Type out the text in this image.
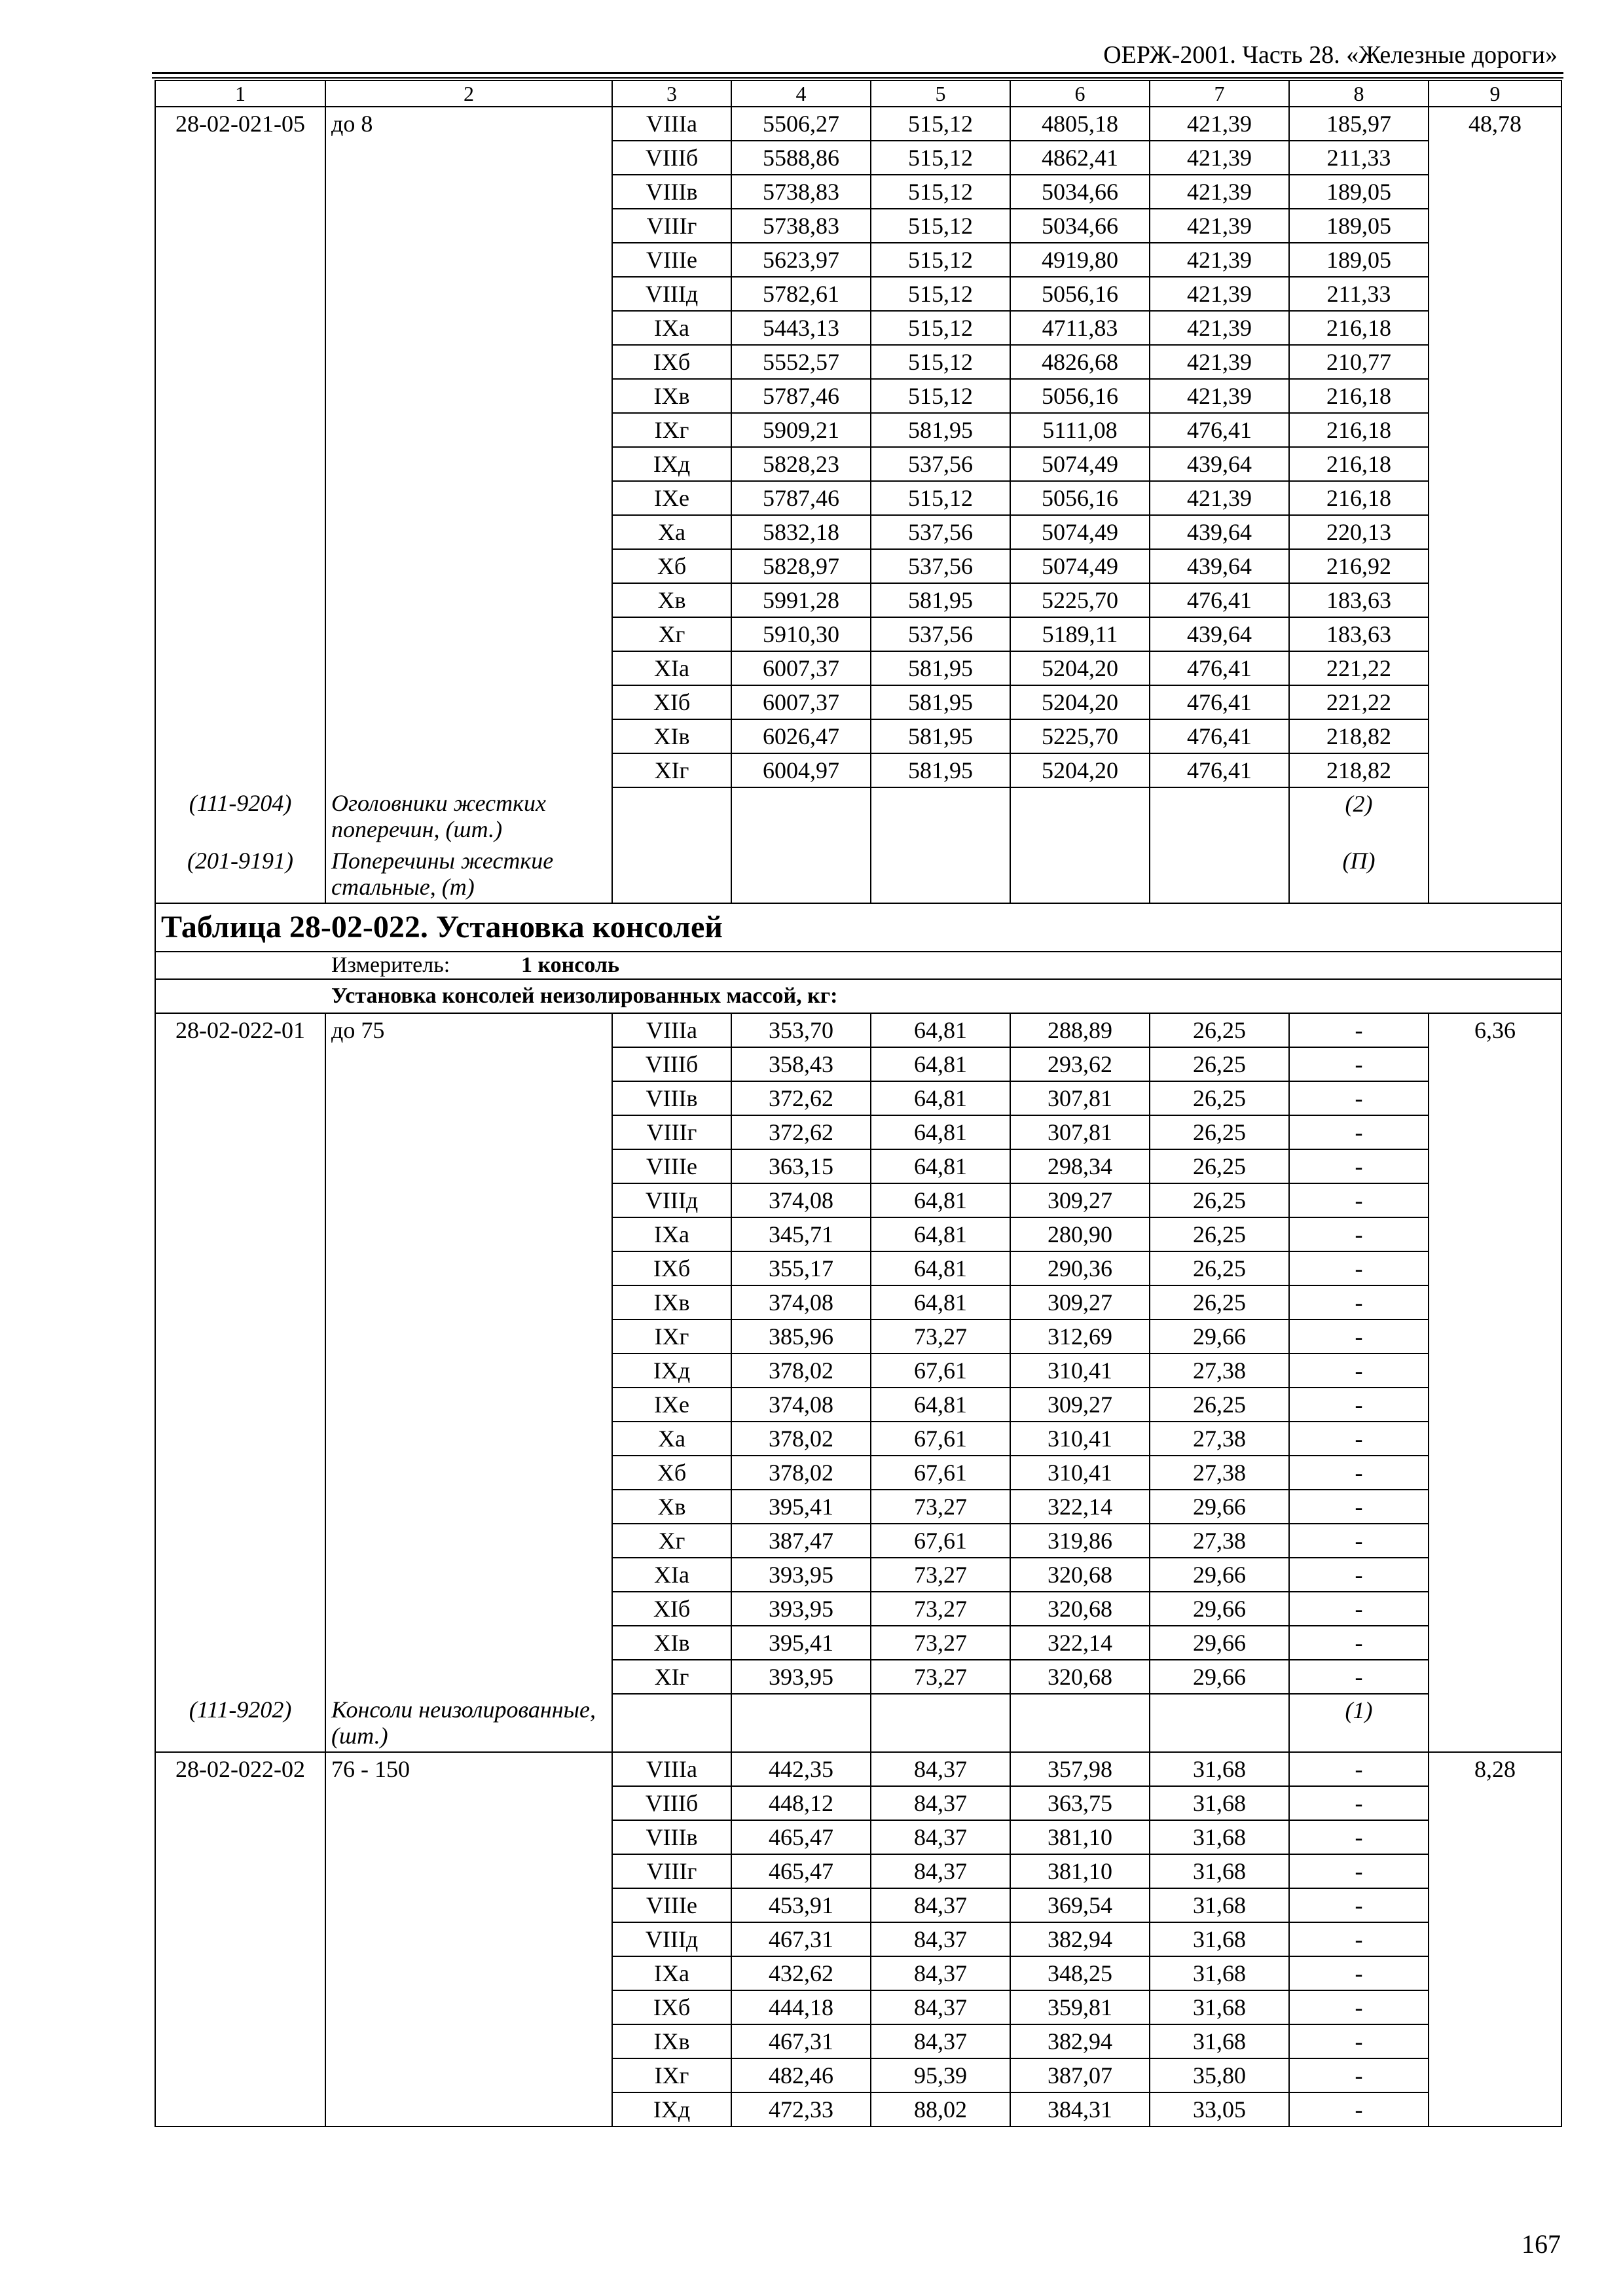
ОЕРЖ-2001. Часть 28. «Железные дороги»
1	2	3	4	5	6	7	8	9
28-02-021-05	до 8	VIIIа	5506,27	515,12	4805,18	421,39	185,97	48,78
		VIIIб	5588,86	515,12	4862,41	421,39	211,33	
		VIIIв	5738,83	515,12	5034,66	421,39	189,05	
		VIIIг	5738,83	515,12	5034,66	421,39	189,05	
		VIIIе	5623,97	515,12	4919,80	421,39	189,05	
		VIIIд	5782,61	515,12	5056,16	421,39	211,33	
		IXа	5443,13	515,12	4711,83	421,39	216,18	
		IXб	5552,57	515,12	4826,68	421,39	210,77	
		IXв	5787,46	515,12	5056,16	421,39	216,18	
		IXг	5909,21	581,95	5111,08	476,41	216,18	
		IXд	5828,23	537,56	5074,49	439,64	216,18	
		IXе	5787,46	515,12	5056,16	421,39	216,18	
		Xа	5832,18	537,56	5074,49	439,64	220,13	
		Xб	5828,97	537,56	5074,49	439,64	216,92	
		Xв	5991,28	581,95	5225,70	476,41	183,63	
		Xг	5910,30	537,56	5189,11	439,64	183,63	
		XIа	6007,37	581,95	5204,20	476,41	221,22	
		XIб	6007,37	581,95	5204,20	476,41	221,22	
		XIв	6026,47	581,95	5225,70	476,41	218,82	
		XIг	6004,97	581,95	5204,20	476,41	218,82	
(111-9204)	Оголовники жестких поперечин, (шт.)						(2)	
(201-9191)	Поперечины жесткие стальные, (т)						(П)	
Таблица 28-02-022. Установка консолей								
Измеритель: 1 консоль								
Установка консолей неизолированных массой, кг:								
28-02-022-01	до 75	VIIIа	353,70	64,81	288,89	26,25	-	6,36
		VIIIб	358,43	64,81	293,62	26,25	-	
		VIIIв	372,62	64,81	307,81	26,25	-	
		VIIIг	372,62	64,81	307,81	26,25	-	
		VIIIе	363,15	64,81	298,34	26,25	-	
		VIIIд	374,08	64,81	309,27	26,25	-	
		IXа	345,71	64,81	280,90	26,25	-	
		IXб	355,17	64,81	290,36	26,25	-	
		IXв	374,08	64,81	309,27	26,25	-	
		IXг	385,96	73,27	312,69	29,66	-	
		IXд	378,02	67,61	310,41	27,38	-	
		IXе	374,08	64,81	309,27	26,25	-	
		Xа	378,02	67,61	310,41	27,38	-	
		Xб	378,02	67,61	310,41	27,38	-	
		Xв	395,41	73,27	322,14	29,66	-	
		Xг	387,47	67,61	319,86	27,38	-	
		XIа	393,95	73,27	320,68	29,66	-	
		XIб	393,95	73,27	320,68	29,66	-	
		XIв	395,41	73,27	322,14	29,66	-	
		XIг	393,95	73,27	320,68	29,66	-	
(111-9202)	Консоли неизолированные, (шт.)						(1)	
28-02-022-02	76 - 150	VIIIа	442,35	84,37	357,98	31,68	-	8,28
		VIIIб	448,12	84,37	363,75	31,68	-	
		VIIIв	465,47	84,37	381,10	31,68	-	
		VIIIг	465,47	84,37	381,10	31,68	-	
		VIIIе	453,91	84,37	369,54	31,68	-	
		VIIIд	467,31	84,37	382,94	31,68	-	
		IXа	432,62	84,37	348,25	31,68	-	
		IXб	444,18	84,37	359,81	31,68	-	
		IXв	467,31	84,37	382,94	31,68	-	
		IXг	482,46	95,39	387,07	35,80	-	
		IXд	472,33	88,02	384,31	33,05	-	
167
